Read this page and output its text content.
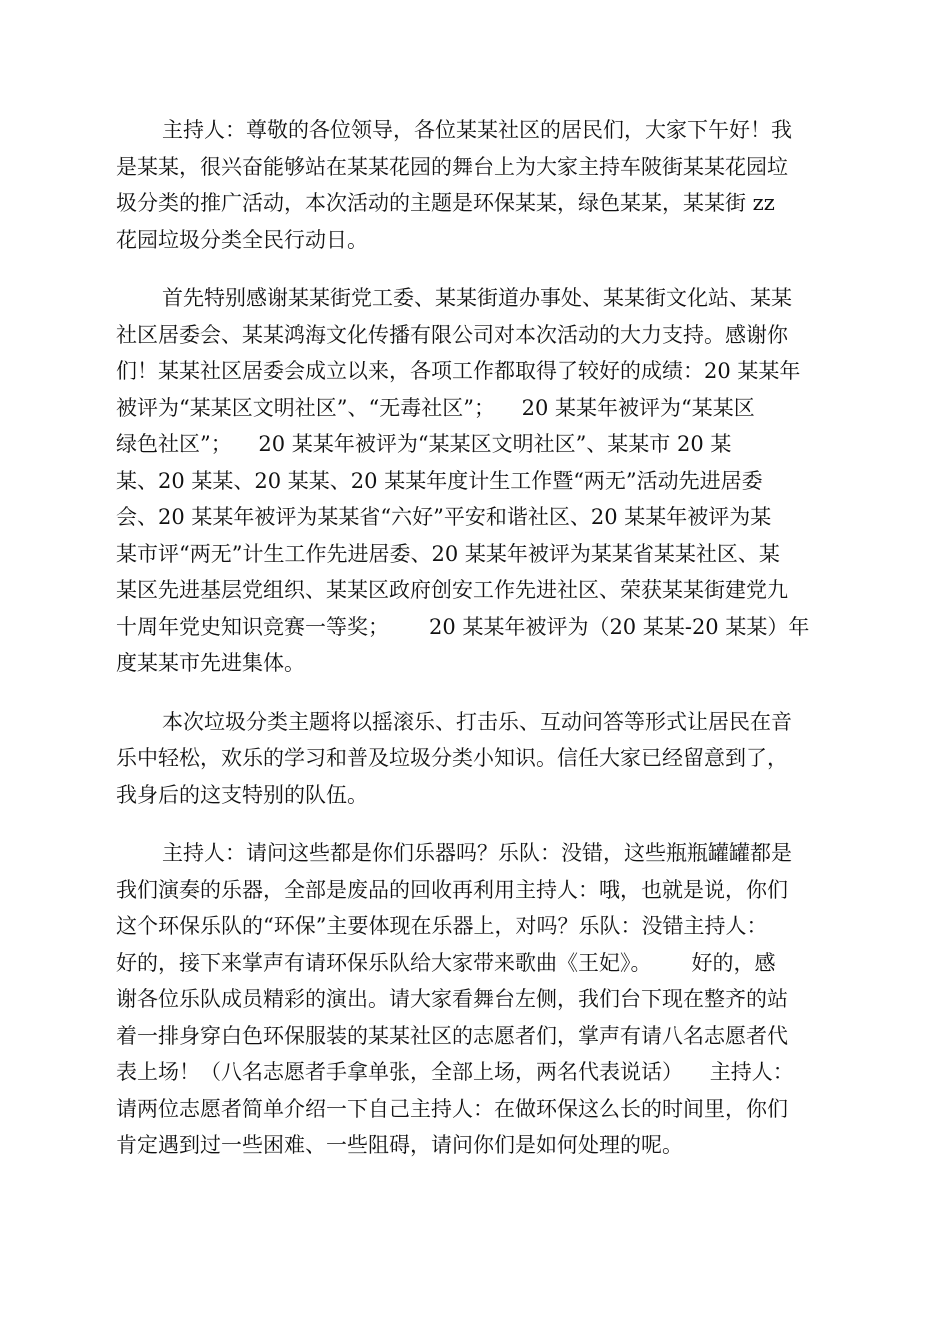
主持人：尊敬的各位领导，各位某某社区的居民们，大家下午好！我
是某某，很兴奋能够站在某某花园的舞台上为大家主持车陂街某某花园垃
圾分类的推广活动，本次活动的主题是环保某某，绿色某某，某某街 zz
花园垃圾分类全民行动日。

首先特别感谢某某街党工委、某某街道办事处、某某街文化站、某某
社区居委会、某某鸿海文化传播有限公司对本次活动的大力支持。感谢你
们！某某社区居委会成立以来，各项工作都取得了较好的成绩：20 某某年
被评为“某某区文明社区”、“无毒社区”；    20 某某年被评为“某某区
绿色社区”；    20 某某年被评为“某某区文明社区”、某某市 20 某
某、20 某某、20 某某、20 某某年度计生工作暨“两无”活动先进居委
会、20 某某年被评为某某省“六好”平安和谐社区、20 某某年被评为某
某市评“两无”计生工作先进居委、20 某某年被评为某某省某某社区、某
某区先进基层党组织、某某区政府创安工作先进社区、荣获某某街建党九
十周年党史知识竞赛一等奖；      20 某某年被评为（20 某某-20 某某）年
度某某市先进集体。

本次垃圾分类主题将以摇滚乐、打击乐、互动问答等形式让居民在音
乐中轻松，欢乐的学习和普及垃圾分类小知识。信任大家已经留意到了，
我身后的这支特别的队伍。

主持人：请问这些都是你们乐器吗？乐队：没错，这些瓶瓶罐罐都是
我们演奏的乐器，全部是废品的回收再利用主持人：哦，也就是说，你们
这个环保乐队的“环保”主要体现在乐器上，对吗？乐队：没错主持人：
好的，接下来掌声有请环保乐队给大家带来歌曲《王妃》。      好的，感
谢各位乐队成员精彩的演出。请大家看舞台左侧，我们台下现在整齐的站
着一排身穿白色环保服装的某某社区的志愿者们，掌声有请八名志愿者代
表上场！（八名志愿者手拿单张，全部上场，两名代表说话）    主持人：
请两位志愿者简单介绍一下自己主持人：在做环保这么长的时间里，你们
肯定遇到过一些困难、一些阻碍，请问你们是如何处理的呢。
